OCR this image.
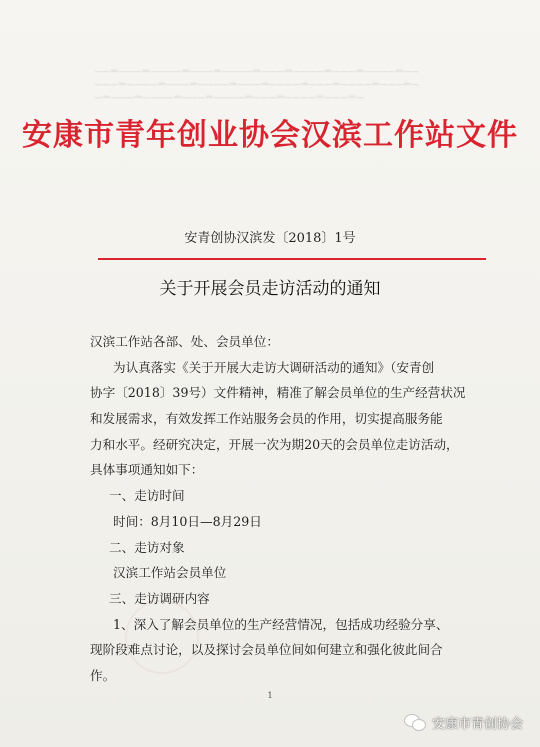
▁▁▂▁▁▁▂▁▁▁▁▂▁▁▁▂▁▁▁▁▂▁▁▁▂▁▁▁▁▂▁▁▁▂▁▁▁▁▂▁▁
▁▁▁▂▁▁▁▁▂▁▁▁▂▁▁▁▁▂▁▁▁▂▁▁▁▁▂▁▁▁▂▁▁▁▁▂▁▁▁▂▁
▁▂▁▁▁▂▁▁▁▁▂▁▁▁▂▁▁▁▁▂▁▁▁▂▁▁▁▁▂▁▁▁▂▁
安康市青年创业协会汉滨工作站文件
安青创协汉滨发〔2018〕1号
关于开展会员走访活动的通知
汉滨工作站各部、处、会员单位：
为认真落实《关于开展大走访大调研活动的通知》（安青创
协字〔2018〕39号）文件精神，精准了解会员单位的生产经营状况
和发展需求，有效发挥工作站服务会员的作用，切实提高服务能
力和水平。经研究决定，开展一次为期20天的会员单位走访活动，
具体事项通知如下：
一、走访时间
时间：8月10日—8月29日
二、走访对象
汉滨工作站会员单位
三、走访调研内容
1、深入了解会员单位的生产经营情况，包括成功经验分享、
现阶段难点讨论，以及探讨会员单位间如何建立和强化彼此间合
作。
1
安康市青创协会
